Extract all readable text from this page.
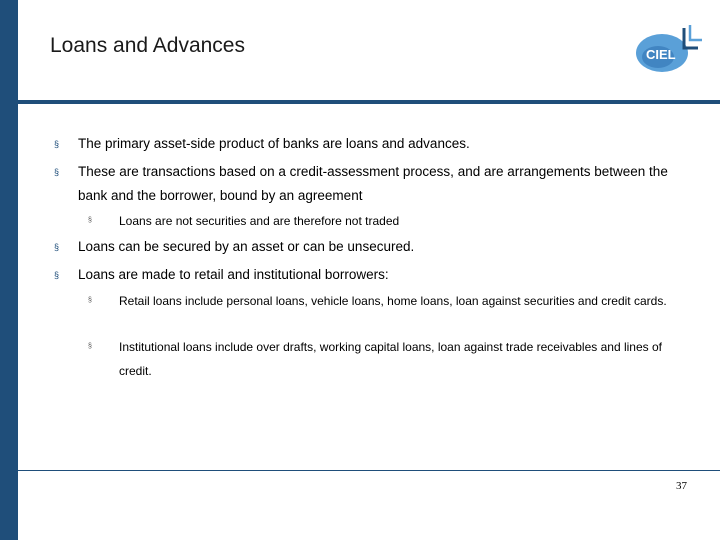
Loans and Advances	CIEL
§	The primary asset-side product of banks are loans and advances.
§	These are transactions based on a credit-assessment process, and are arrangements between the bank and the borrower, bound by an agreement
§	Loans are not securities and are therefore not traded
§	Loans can be secured by an asset or can be unsecured.
§	Loans are made to retail and institutional borrowers:
§	Retail loans include personal loans, vehicle loans, home loans, loan against securities and credit cards.
§	Institutional loans include over drafts, working capital loans, loan against trade receivables and lines of credit.
37
